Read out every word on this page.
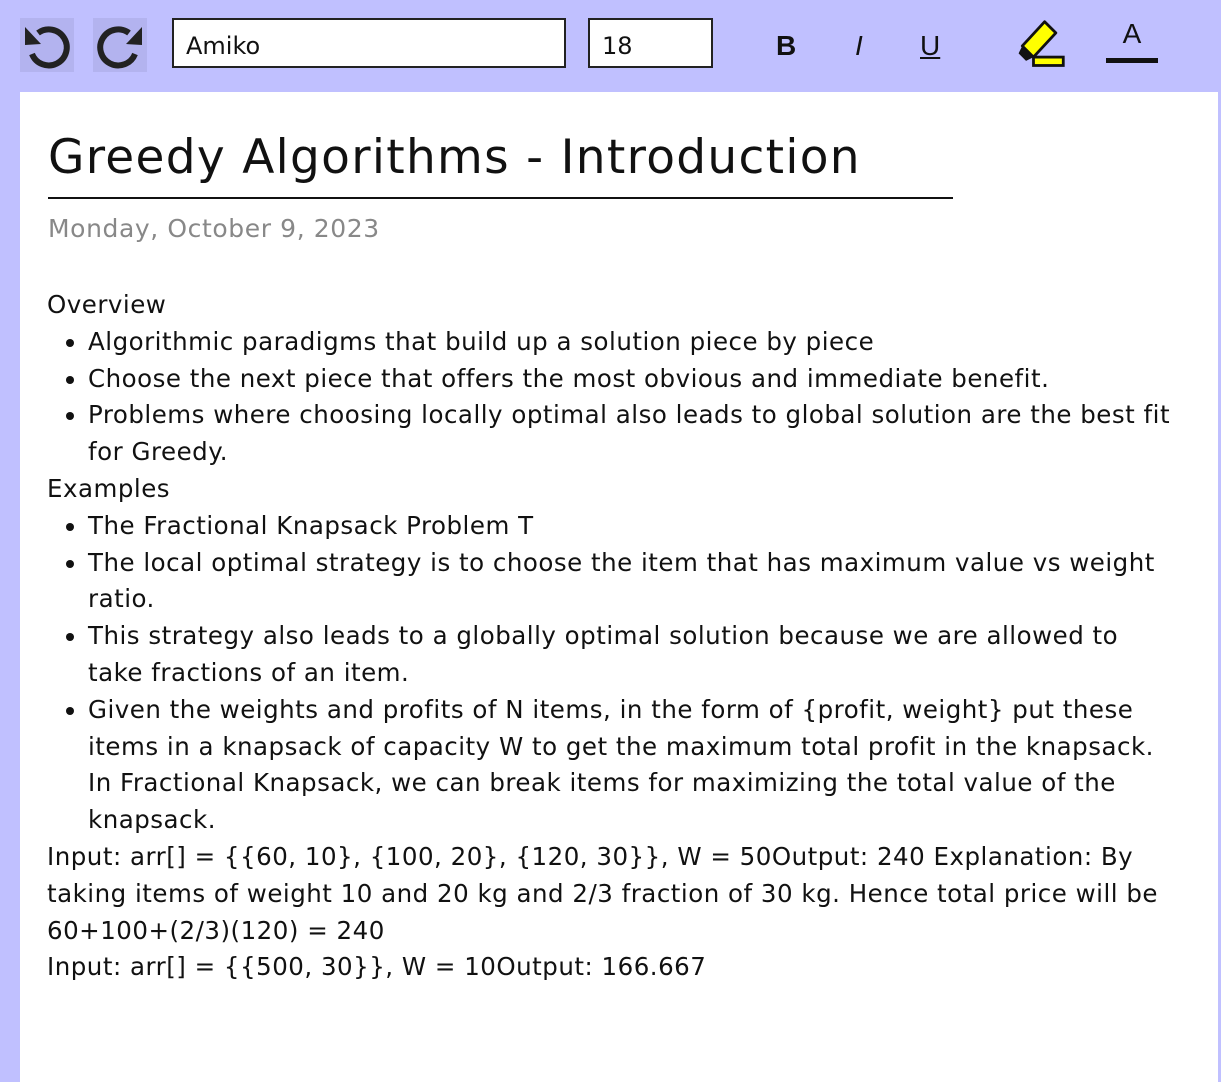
Amiko	18	B I U	A
Greedy Algorithms - Introduction
Monday, October 9, 2023

Overview

• Algorithmic paradigms that build up a solution piece by piece
• Choose the next piece that offers the most obvious and immediate benefit.
• Problems where choosing locally optimal also leads to global solution are the best fit for Greedy.

Examples

• The Fractional Knapsack Problem T
• The local optimal strategy is to choose the item that has maximum value vs weight ratio.
• This strategy also leads to a globally optimal solution because we are allowed to take fractions of an item.
• Given the weights and profits of N items, in the form of {profit, weight} put these items in a knapsack of capacity W to get the maximum total profit in the knapsack. In Fractional Knapsack, we can break items for maximizing the total value of the knapsack.

Input: arr[] = {{60, 10}, {100, 20}, {120, 30}}, W = 50Output: 240 Explanation: By taking items of weight 10 and 20 kg and 2/3 fraction of 30 kg. Hence total price will be 60+100+(2/3)(120) = 240

Input: arr[] = {{500, 30}}, W = 10Output: 166.667
